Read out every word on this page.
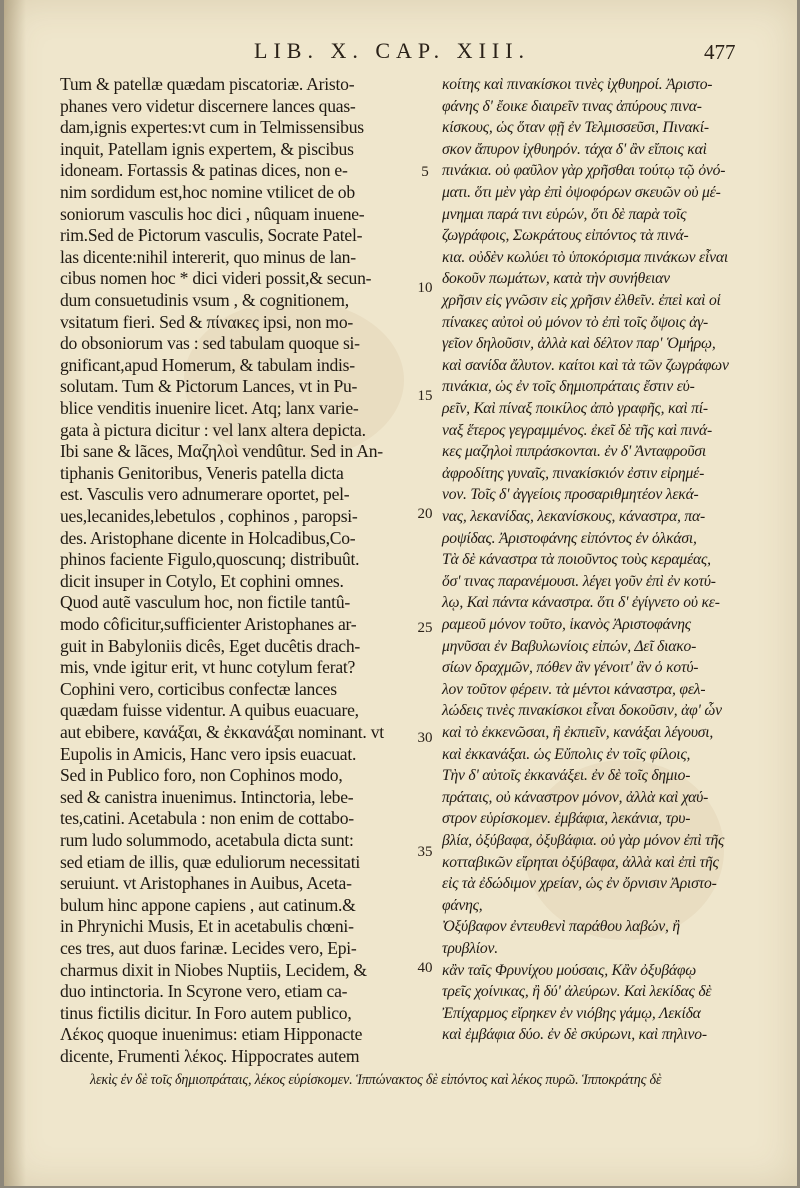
LIB. X. CAP. XIII.	477
Tum & patellæ quædam piscatoriæ. Aristo-
phanes vero videtur discernere lances quas-
dam,ignis expertes:vt cum in Telmissensibus
inquit, Patellam ignis expertem, & piscibus
idoneam. Fortassis & patinas dices, non e-
nim sordidum est,hoc nomine vtilicet de ob
soniorum vasculis hoc dici , nûquam inuene-
rim.Sed de Pictorum vasculis, Socrate Patel-
las dicente:nihil intererit, quo minus de lan-
cibus nomen hoc * dici videri possit,& secun-
dum consuetudinis vsum , & cognitionem,
vsitatum fieri. Sed & πίνακες ipsi, non mo-
do obsoniorum vas : sed tabulam quoque si-
gnificant,apud Homerum, & tabulam indis-
solutam. Tum & Pictorum Lances, vt in Pu-
blice venditis inuenire licet. Atq; lanx varie-
gata à pictura dicitur : vel lanx altera depicta.
Ibi sane & lãces, Μαζηλοὶ vendûtur. Sed in An-
tiphanis Genitoribus, Veneris patella dicta
est. Vasculis vero adnumerare oportet, pel-
ues,lecanides,lebetulos , cophinos , paropsi-
des. Aristophane dicente in Holcadibus,Co-
phinos faciente Figulo,quoscunq; distribuût.
dicit insuper in Cotylo, Et cophini omnes.
Quod autẽ vasculum hoc, non fictile tantû-
modo côficitur,sufficienter Aristophanes ar-
guit in Babyloniis dicês, Eget ducêtis drach-
mis, vnde igitur erit, vt hunc cotylum ferat?
Cophini vero, corticibus confectæ lances
quædam fuisse videntur. A quibus euacuare,
aut ebibere, κανάξαι, & ἐκκανάξαι nominant. vt
Eupolis in Amicis, Hanc vero ipsis euacuat.
Sed in Publico foro, non Cophinos modo,
sed & canistra inuenimus. Intinctoria, lebe-
tes,catini. Acetabula : non enim de cottabo-
rum ludo solummodo, acetabula dicta sunt:
sed etiam de illis, quæ eduliorum necessitati
seruiunt. vt Aristophanes in Auibus, Aceta-
bulum hinc appone capiens , aut catinum.&
in Phrynichi Musis, Et in acetabulis chœni-
ces tres, aut duos farinæ. Lecides vero, Epi-
charmus dixit in Niobes Nuptiis, Lecidem, &
duo intinctoria. In Scyrone vero, etiam ca-
tinus fictilis dicitur. In Foro autem publico,
Λέκος quoque inuenimus: etiam Hipponacte
dicente, Frumenti λέκος. Hippocrates autem
5
10
15
20
25
30
35
40
κοίτης καὶ πινακίσκοι τινὲς ἰχθυηροί. Ἀριστο-
φάνης δ' ἔοικε διαιρεῖν τινας ἀπύρους πινα-
κίσκους, ὡς ὅταν φῇ ἐν Τελμισσεῦσι, Πινακί-
σκον ἄπυρον ἰχθυηρόν. τάχα δ' ἂν εἴποις καὶ
πινάκια. οὐ φαῦλον γὰρ χρῆσθαι τούτῳ τῷ ὀνό-
ματι. ὅτι μὲν γὰρ ἐπὶ ὀψοφόρων σκευῶν οὐ μέ-
μνημαι παρά τινι εὑρών, ὅτι δὲ παρὰ τοῖς
ζωγράφοις, Σωκράτους εἰπόντος τὰ πινά-
κια. οὐδὲν κωλύει τὸ ὑποκόρισμα πινάκων εἶναι
δοκοῦν πωμάτων, κατὰ τὴν συνήθειαν
χρῆσιν εἰς γνῶσιν εἰς χρῆσιν ἐλθεῖν. ἐπεὶ καὶ οἱ
πίνακες αὐτοὶ οὐ μόνον τὸ ἐπὶ τοῖς ὄψοις ἀγ-
γεῖον δηλοῦσιν, ἀλλὰ καὶ δέλτον παρ' Ὁμήρῳ,
καὶ σανίδα ἄλυτον. καίτοι καὶ τὰ τῶν ζωγράφων
πινάκια, ὡς ἐν τοῖς δημιοπράταις ἔστιν εὑ-
ρεῖν, Καὶ πίναξ ποικίλος ἀπὸ γραφῆς, καὶ πί-
ναξ ἕτερος γεγραμμένος. ἐκεῖ δὲ τῆς καὶ πινά-
κες μαζηλοὶ πιπράσκονται. ἐν δ' Ἀνταφροῦσι
ἀφροδίτης γυναῖς, πινακίσκιόν ἐστιν εἰρημέ-
νον. Τοῖς δ' ἀγγείοις προσαριθμητέον λεκά-
νας, λεκανίδας, λεκανίσκους, κάναστρα, πα-
ροψίδας. Ἀριστοφάνης εἰπόντος ἐν ὁλκάσι,
Τὰ δὲ κάναστρα τὰ ποιοῦντος τοὺς κεραμέας,
ὅσ' τινας παρανέμουσι. λέγει γοῦν ἐπὶ ἐν κοτύ-
λῳ, Καὶ πάντα κάναστρα. ὅτι δ' ἐγίγνετο οὐ κε-
ραμεοῦ μόνον τοῦτο, ἱκανὸς Ἀριστοφάνης
μηνῦσαι ἐν Βαβυλωνίοις εἰπών, Δεῖ διακο-
σίων δραχμῶν, πόθεν ἂν γένοιτ' ἂν ὁ κοτύ-
λον τοῦτον φέρειν. τὰ μέντοι κάναστρα, φελ-
λώδεις τινὲς πινακίσκοι εἶναι δοκοῦσιν, ἀφ' ὧν
καὶ τὸ ἐκκενῶσαι, ἢ ἐκπιεῖν, κανάξαι λέγουσι,
καὶ ἐκκανάξαι. ὡς Εὔπολις ἐν τοῖς φίλοις,
Τὴν δ' αὐτοῖς ἐκκανάξει. ἐν δὲ τοῖς δημιο-
πράταις, οὐ κάναστρον μόνον, ἀλλὰ καὶ χαύ-
στρον εὑρίσκομεν. ἐμβάφια, λεκάνια, τρυ-
βλία, ὀξύβαφα, ὀξυβάφια. οὐ γὰρ μόνον ἐπὶ τῆς
κοτταβικῶν εἴρηται ὀξύβαφα, ἀλλὰ καὶ ἐπὶ τῆς
εἰς τὰ ἐδώδιμον χρείαν, ὡς ἐν ὄρνισιν Ἀριστο-
φάνης,
Ὀξύβαφον ἐντευθενὶ παράθου λαβών, ἢ
τρυβλίον.
κἂν ταῖς Φρυνίχου μούσαις, Κἂν ὀξυβάφῳ
τρεῖς χοίνικας, ἢ δύ' ἀλεύρων. Καὶ λεκίδας δὲ
Ἐπίχαρμος εἴρηκεν ἐν νιόβης γάμῳ, Λεκίδα
καὶ ἐμβάφια δύο. ἐν δὲ σκύρωνι, καὶ πηλινο-
λεκὶς ἐν δὲ τοῖς δημιοπράταις, λέκος εὑρίσκομεν. Ἱππώνακτος δὲ εἰπόντος καὶ λέκος πυρῶ. Ἱπποκράτης δὲ
